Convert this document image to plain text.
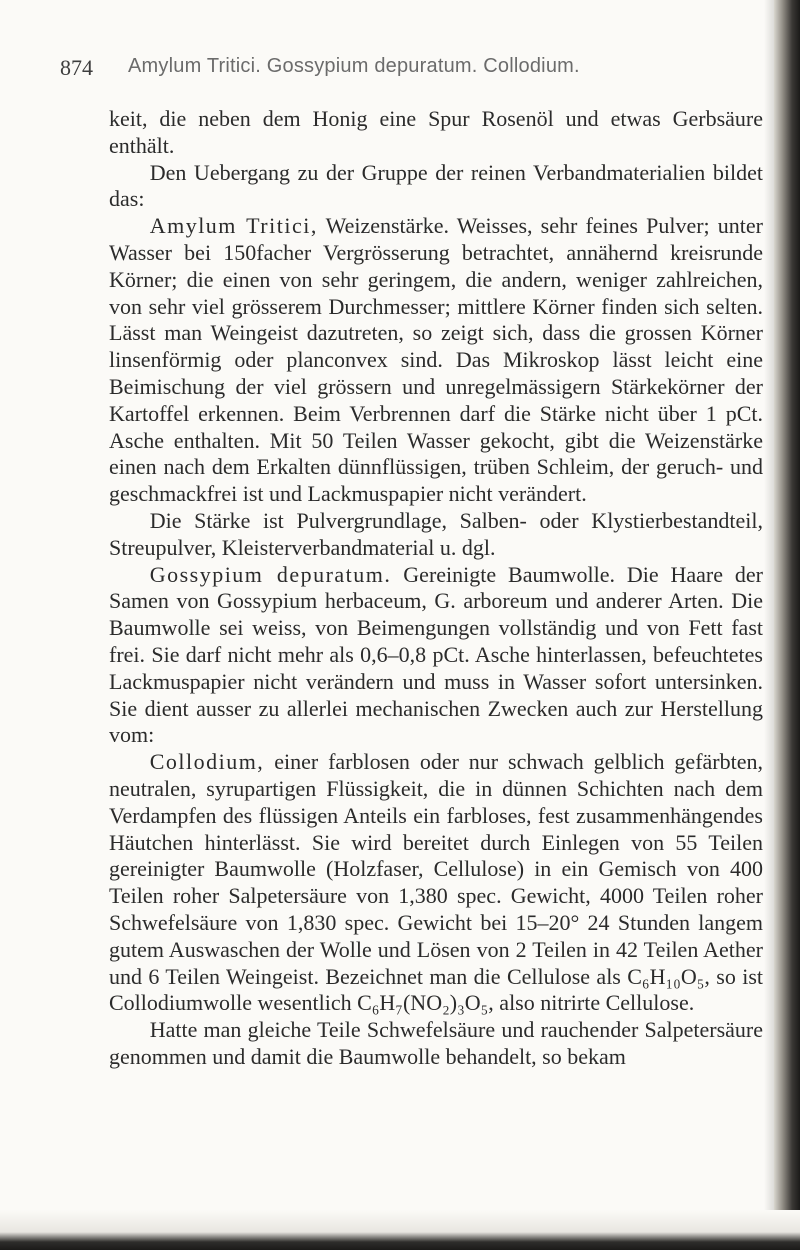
874 Amylum Tritici. Gossypium depuratum. Collodium.

keit, die neben dem Honig eine Spur Rosenöl und etwas Gerbsäure enthält.

Den Uebergang zu der Gruppe der reinen Verbandmaterialien bildet das:

Amylum Tritici, Weizenstärke. Weisses, sehr feines Pulver; unter Wasser bei 150facher Vergrösserung betrachtet, annähernd kreisrunde Körner; die einen von sehr geringem, die andern, weniger zahlreichen, von sehr viel grösserem Durchmesser; mittlere Körner finden sich selten. Lässt man Weingeist dazutreten, so zeigt sich, dass die grossen Körner linsenförmig oder planconvex sind. Das Mikroskop lässt leicht eine Beimischung der viel grössern und unregelmässigern Stärkekörner der Kartoffel erkennen. Beim Verbrennen darf die Stärke nicht über 1 pCt. Asche enthalten. Mit 50 Teilen Wasser gekocht, gibt die Weizenstärke einen nach dem Erkalten dünnflüssigen, trüben Schleim, der geruch- und geschmackfrei ist und Lackmuspapier nicht verändert.

Die Stärke ist Pulvergrundlage, Salben- oder Klystierbestandteil, Streupulver, Kleisterverbandmaterial u. dgl.

Gossypium depuratum. Gereinigte Baumwolle. Die Haare der Samen von Gossypium herbaceum, G. arboreum und anderer Arten. Die Baumwolle sei weiss, von Beimengungen vollständig und von Fett fast frei. Sie darf nicht mehr als 0,6–0,8 pCt. Asche hinterlassen, befeuchtetes Lackmuspapier nicht verändern und muss in Wasser sofort untersinken. Sie dient ausser zu allerlei mechanischen Zwecken auch zur Herstellung vom:

Collodium, einer farblosen oder nur schwach gelblich gefärbten, neutralen, syrupartigen Flüssigkeit, die in dünnen Schichten nach dem Verdampfen des flüssigen Anteils ein farbloses, fest zusammenhängendes Häutchen hinterlässt. Sie wird bereitet durch Einlegen von 55 Teilen gereinigter Baumwolle (Holzfaser, Cellulose) in ein Gemisch von 400 Teilen roher Salpetersäure von 1,380 spec. Gewicht, 4000 Teilen roher Schwefelsäure von 1,830 spec. Gewicht bei 15–20° 24 Stunden langem gutem Auswaschen der Wolle und Lösen von 2 Teilen in 42 Teilen Aether und 6 Teilen Weingeist. Bezeichnet man die Cellulose als C₆H₁₀O₅, so ist Collodiumwolle wesentlich C₆H₇(NO₂)₃O₅, also nitrirte Cellulose.

Hatte man gleiche Teile Schwefelsäure und rauchender Salpetersäure genommen und damit die Baumwolle behandelt, so bekam
